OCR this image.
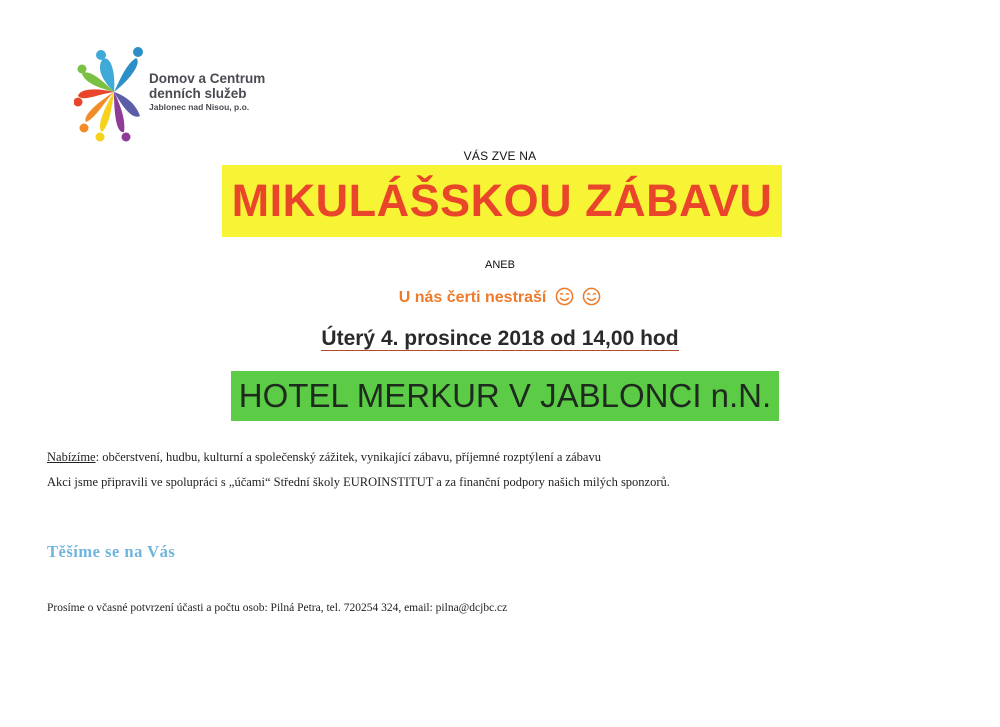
Domov a Centrum
denních služeb
Jablonec nad Nisou, p.o.
VÁS ZVE NA
MIKULÁŠSKOU ZÁBAVU
ANEB
U nás čerti nestraší
Úterý 4. prosince 2018 od 14,00 hod
HOTEL MERKUR V JABLONCI n.N.
Nabízíme: občerstvení, hudbu, kulturní a společenský zážitek, vynikající zábavu, příjemné rozptýlení a zábavu
Akci jsme připravili ve spolupráci s „účami“ Střední školy EUROINSTITUT a za finanční podpory našich milých sponzorů.
Těšíme se na Vás
Prosíme o včasné potvrzení účasti a počtu osob: Pilná Petra, tel. 720254 324, email: pilna@dcjbc.cz
